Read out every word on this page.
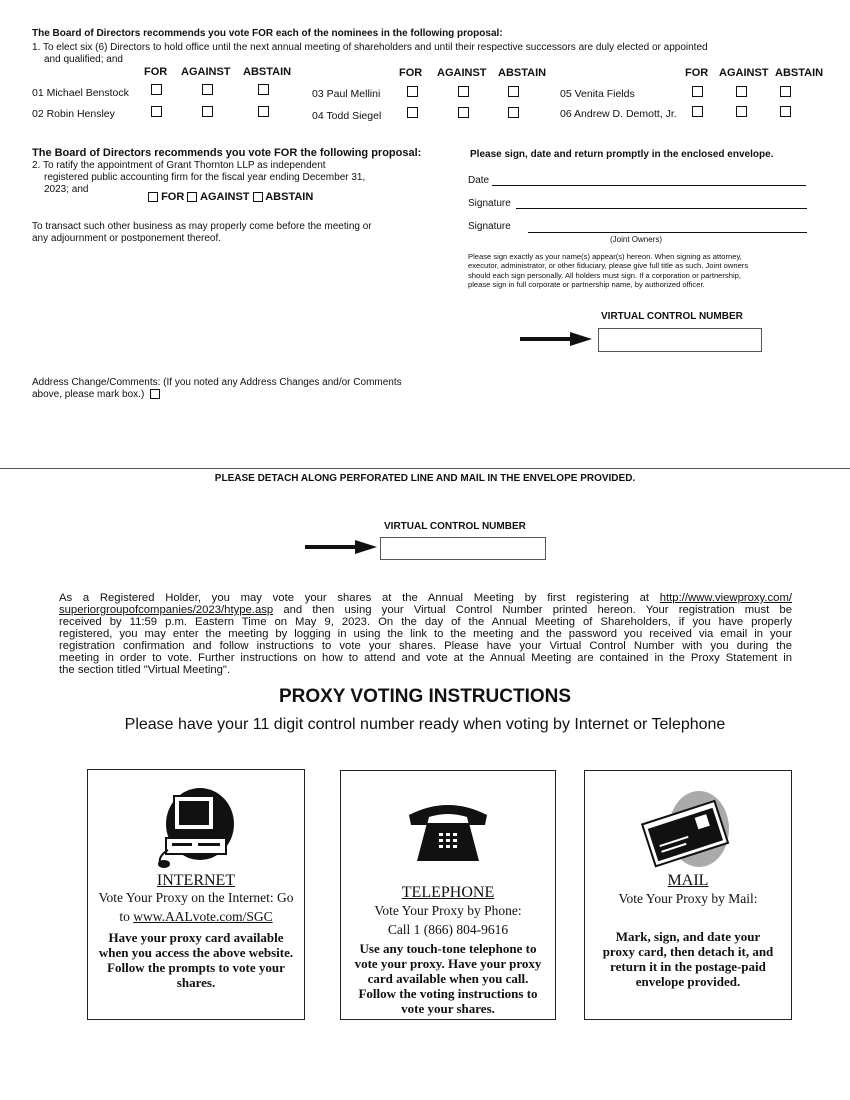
The Board of Directors recommends you vote FOR each of the nominees in the following proposal:
1. To elect six (6) Directors to hold office until the next annual meeting of shareholders and until their respective successors are duly elected or appointed
and qualified; and
FOR AGAINST ABSTAIN	FOR AGAINST ABSTAIN	FOR AGAINST ABSTAIN
01 Michael Benstock
02 Robin Hensley
03 Paul Mellini
04 Todd Siegel
05 Venita Fields
06 Andrew D. Demott, Jr.
The Board of Directors recommends you vote FOR the following proposal:
2. To ratify the appointment of Grant Thornton LLP as independent
registered public accounting firm for the fiscal year ending December 31,
2023; and
FOR AGAINST ABSTAIN
To transact such other business as may properly come before the meeting or
any adjournment or postponement thereof.
Please sign, date and return promptly in the enclosed envelope.
Date
Signature
Signature
(Joint Owners)
Please sign exactly as your name(s) appear(s) hereon. When signing as attorney,
executor, administrator, or other fiduciary, please give full title as such. Joint owners
should each sign personally. All holders must sign. If a corporation or partnership,
please sign in full corporate or partnership name, by authorized officer.
VIRTUAL CONTROL NUMBER
Address Change/Comments: (If you noted any Address Changes and/or Comments
above, please mark box.)
PLEASE DETACH ALONG PERFORATED LINE AND MAIL IN THE ENVELOPE PROVIDED.
VIRTUAL CONTROL NUMBER
As a Registered Holder, you may vote your shares at the Annual Meeting by first registering at http://www.viewproxy.com/
superiorgroupofcompanies/2023/htype.asp and then using your Virtual Control Number printed hereon. Your registration must be
received by 11:59 p.m. Eastern Time on May 9, 2023. On the day of the Annual Meeting of Shareholders, if you have properly
registered, you may enter the meeting by logging in using the link to the meeting and the password you received via email in your
registration confirmation and follow instructions to vote your shares. Please have your Virtual Control Number with you during the
meeting in order to vote. Further instructions on how to attend and vote at the Annual Meeting are contained in the Proxy Statement in
the section titled "Virtual Meeting".
PROXY VOTING INSTRUCTIONS
Please have your 11 digit control number ready when voting by Internet or Telephone
INTERNET
Vote Your Proxy on the Internet: Go
to www.AALvote.com/SGC
Have your proxy card available
when you access the above website.
Follow the prompts to vote your
shares.
TELEPHONE
Vote Your Proxy by Phone:
Call 1 (866) 804-9616
Use any touch-tone telephone to
vote your proxy. Have your proxy
card available when you call.
Follow the voting instructions to
vote your shares.
MAIL
Vote Your Proxy by Mail:
Mark, sign, and date your
proxy card, then detach it, and
return it in the postage-paid
envelope provided.
